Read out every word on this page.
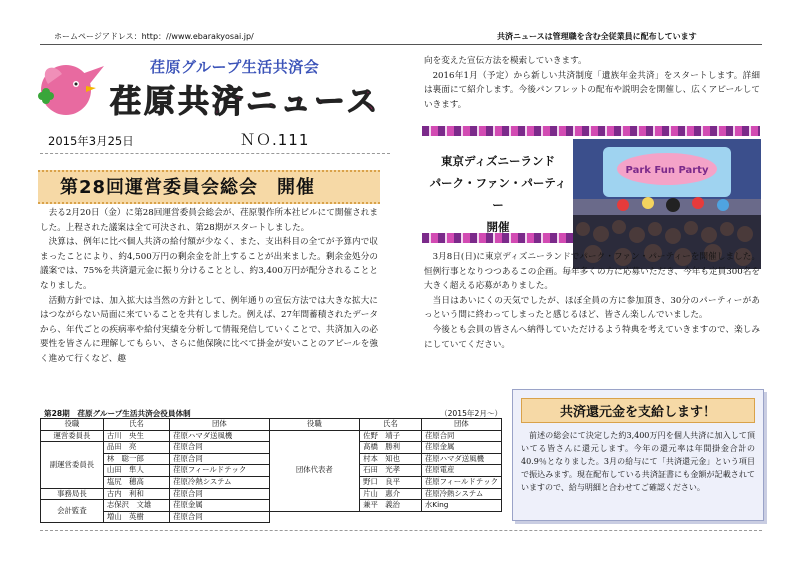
ホームページアドレス：http：//www.ebarakyosai.jp/	共済ニュースは管理職を含む全従業員に配布しています
荏原グループ生活共済会
荏原共済ニュース
2015年3月25日	ＮＯ.111
第28回運営委員会総会　開催

去る2月20日（金）に第28回運営委員会総会が、荏原製作所本社ビルにて開催されました。上程された議案は全て可決され、第28期がスタートしました。

決算は、例年に比べ個人共済の給付額が少なく、また、支出科目の全てが予算内で収まったことにより、約4,500万円の剰余金を計上することが出来ました。剰余金処分の議案では、75%を共済還元金に振り分けることとし、約3,400万円が配分されることとなりました。

活動方針では、加入拡大は当然の方針として、例年通りの宣伝方法では大きな拡大にはつながらない局面に来ていることを共有しました。例えば、27年間蓄積されたデータから、年代ごとの疾病率や給付実績を分析して情報発信していくことで、共済加入の必要性を皆さんに理解してもらい、さらに他保険に比べて掛金が安いことのアピールを強く進めて行くなど、趣

向を変えた宣伝方法を模索していきます。

2016年1月（予定）から新しい共済制度「遺族年金共済」をスタートします。詳細は裏面にて紹介します。今後パンフレットの配布や説明会を開催し、広くアピールしていきます。

東京ディズニーランド
パーク・ファン・パーティー
開催
Park Fun Party

3月8日(日)に東京ディズニーランドでパーク・ファン・パーティーを開催しました。恒例行事となりつつあるこの企画。毎年多くの方に応募いただき、今年も定員300名を大きく超える応募がありました。

当日はあいにくの天気でしたが、ほぼ全員の方に参加頂き、30分のパーティーがあっという間に終わってしまったと感じるほど、皆さん楽しんでいました。

今後とも会員の皆さんへ納得していただけるよう特典を考えていきますので、楽しみにしていてください。

共済還元金を支給します！

前述の総会にて決定した約3,400万円を個人共済に加入して頂いてる皆さんに還元します。今年の還元率は年間掛金合計の40.9％となりました。3月の給与にて「共済還元金」という項目で振込みます。現在配布している共済証書にも金額が記載されていますので、給与明細と合わせてご確認ください。

第28期　荏原グループ生活共済会役員体制	（2015年2月～）
役職	氏名	団体	役職	氏名	団体
運営委員長	古川　央生	荏原ハマダ送風機	団体代表者	佐野　靖子	荏原合同
副運営委員長	品田　亮	荏原合同		髙橋　勝利	荏原金属
	林　聡一郎	荏原合同		村本　知也	荏原ハマダ送風機
	山田　隼人	荏原フィールドテック		石田　光孝	荏原電産
	塩尻　穂高	荏原冷熱システム		野口　良平	荏原フィールドテック
事務局長	古内　利和	荏原合同		片山　惠介	荏原冷熱システム
会計監査	志保沢　文雄	荏原金属		兼平　義治	水King
	増山　英樹	荏原合同			
